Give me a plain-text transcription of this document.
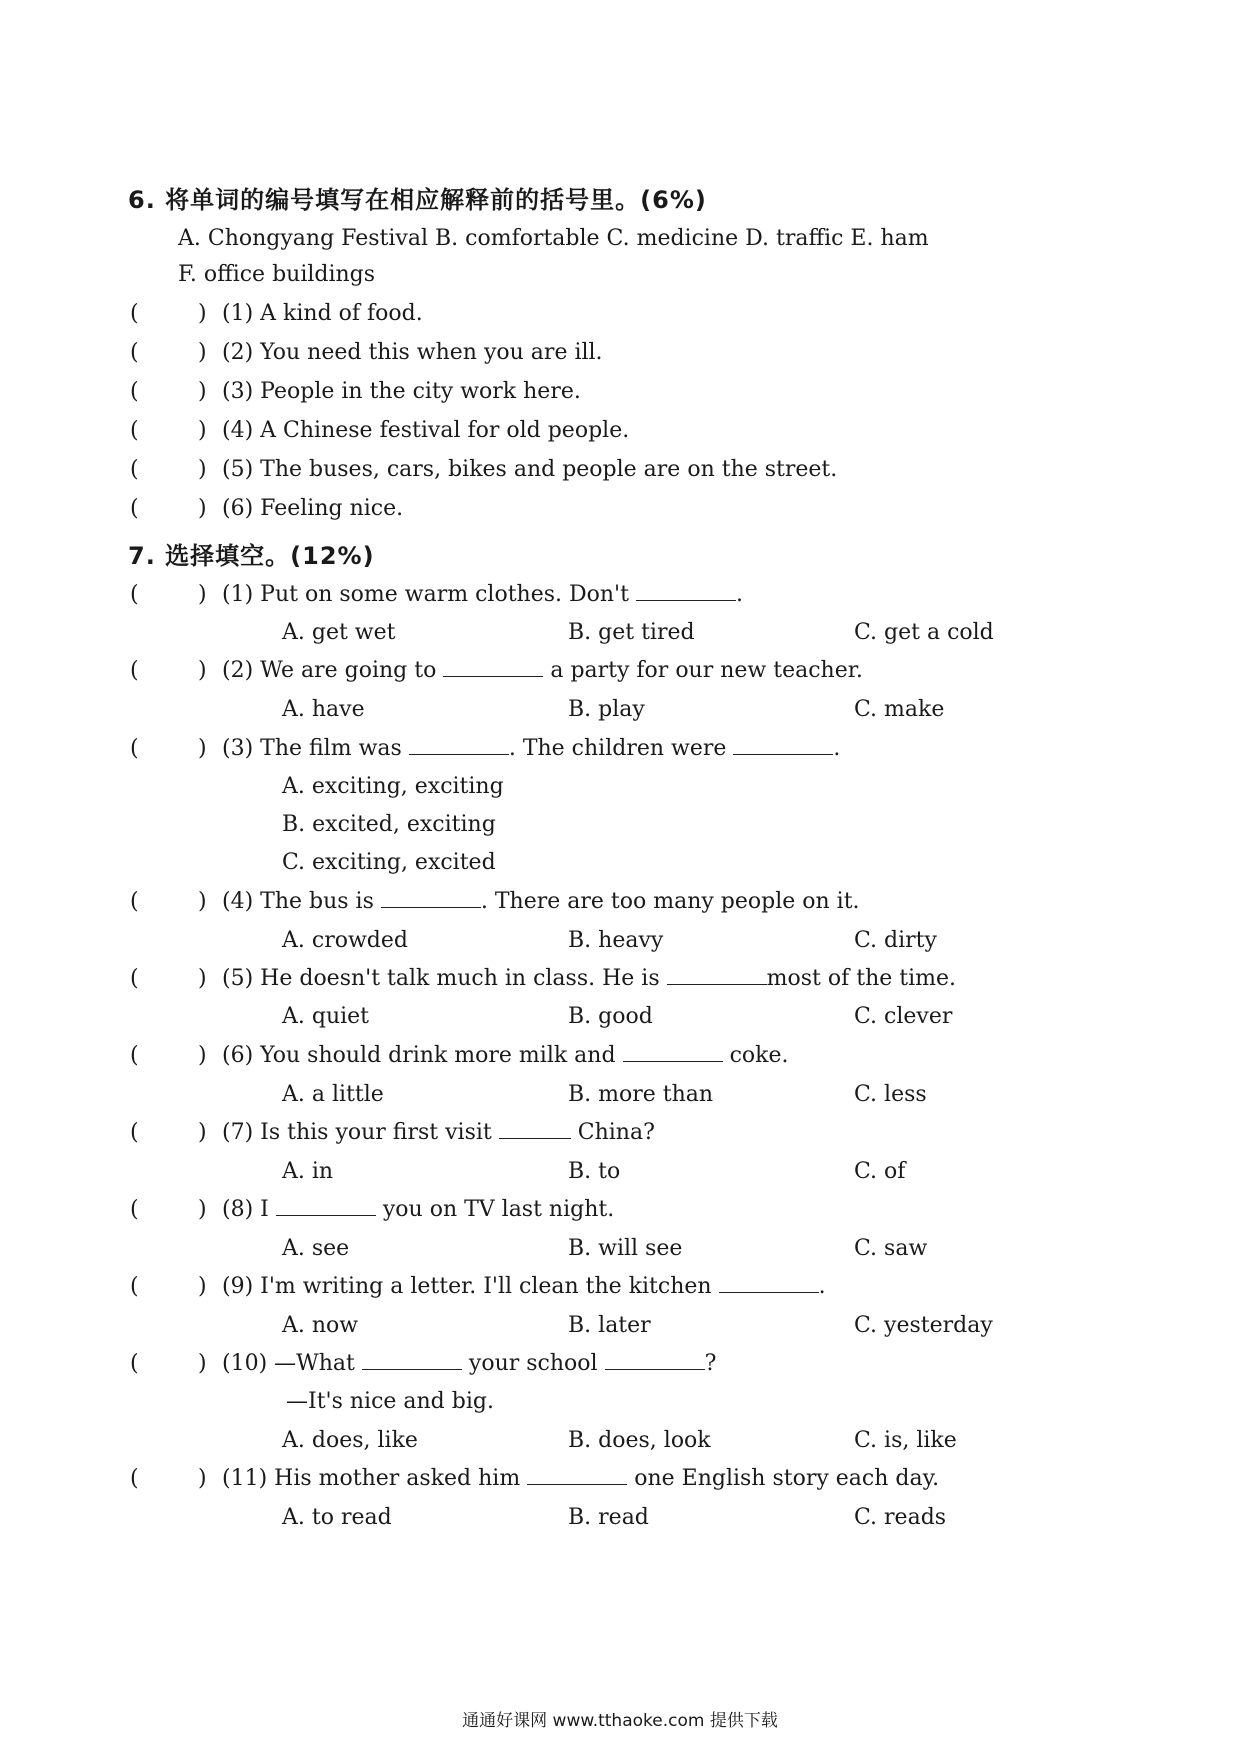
6. 将单词的编号填写在相应解释前的括号里。(6%)
A. Chongyang Festival B. comfortable C. medicine D. traffic E. ham
F. office buildings
(	) (1) A kind of food.
(	) (2) You need this when you are ill.
(	) (3) People in the city work here.
(	) (4) A Chinese festival for old people.
(	) (5) The buses, cars, bikes and people are on the street.
(	) (6) Feeling nice.
7. 选择填空。(12%)
(	) (1) Put on some warm clothes. Don't	.
A. get wet	B. get tired	C. get a cold
(	) (2) We are going to	a party for our new teacher.
A. have	B. play	C. make
(	) (3) The film was	. The children were	.
A. exciting, exciting
B. excited, exciting
C. exciting, excited
(	) (4) The bus is	. There are too many people on it.
A. crowded	B. heavy	C. dirty
(	) (5) He doesn't talk much in class. He is	most of the time.
A. quiet	B. good	C. clever
(	) (6) You should drink more milk and	coke.
A. a little	B. more than	C. less
(	) (7) Is this your first visit	China?
A. in	B. to	C. of
(	) (8) I	you on TV last night.
A. see	B. will see	C. saw
(	) (9) I'm writing a letter. I'll clean the kitchen	.
A. now	B. later	C. yesterday
(	) (10) —What	your school	?
—It's nice and big.
A. does, like	B. does, look	C. is, like
(	) (11) His mother asked him	one English story each day.
A. to read	B. read	C. reads
通通好课网 www.tthaoke.com 提供下载
